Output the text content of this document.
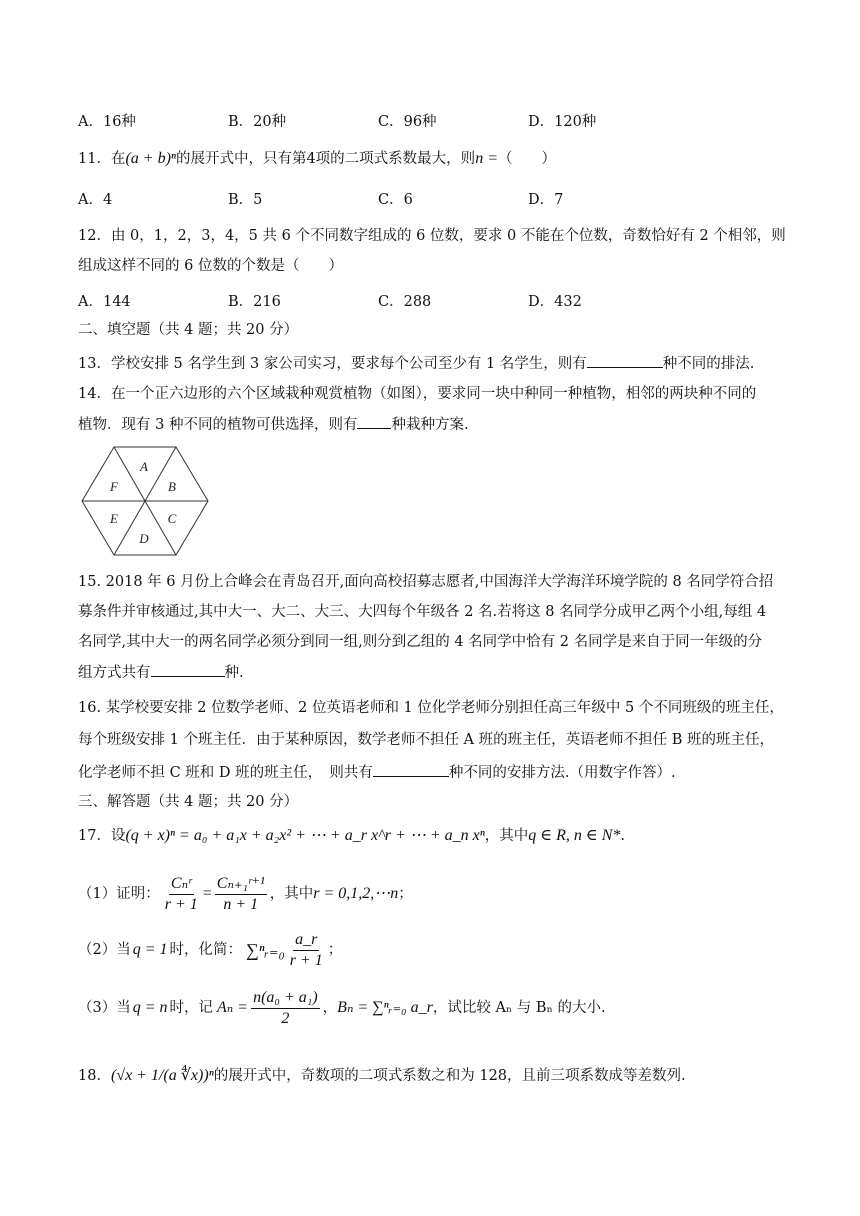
A．16种	B．20种	C．96种	D．120种
11．在(a + b)ⁿ的展开式中，只有第4项的二项式系数最大，则n =（　　）
A．4	B．5	C．6	D．7
12．由 0，1，2，3，4，5 共 6 个不同数字组成的 6 位数，要求 0 不能在个位数，奇数恰好有 2 个相邻，则
组成这样不同的 6 位数的个数是（　　）
A．144	B．216	C．288	D．432
二、填空题（共 4 题；共 20 分）
13．学校安排 5 名学生到 3 家公司实习，要求每个公司至少有 1 名学生，则有	种不同的排法.
14．在一个正六边形的六个区域栽种观赏植物（如图），要求同一块中种同一种植物，相邻的两块种不同的
植物．现有 3 种不同的植物可供选择，则有 种栽种方案.
A
B
C
D
E
F
15. 2018 年 6 月份上合峰会在青岛召开,面向高校招募志愿者,中国海洋大学海洋环境学院的 8 名同学符合招
募条件并审核通过,其中大一、大二、大三、大四每个年级各 2 名.若将这 8 名同学分成甲乙两个小组,每组 4
名同学,其中大一的两名同学必须分到同一组,则分到乙组的 4 名同学中恰有 2 名同学是来自于同一年级的分
组方式共有	种.
16. 某学校要安排 2 位数学老师、2 位英语老师和 1 位化学老师分别担任高三年级中 5 个不同班级的班主任，
每个班级安排 1 个班主任．由于某种原因，数学老师不担任 A 班的班主任，英语老师不担任 B 班的班主任，
化学老师不担 C 班和 D 班的班主任，　则共有	种不同的安排方法.（用数字作答）.
三、解答题（共 4 题；共 20 分）
17．设(q + x)ⁿ = a₀ + a₁x + a₂x² + ⋯ + a_r x^r + ⋯ + a_n xⁿ，其中q ∈ R, n ∈ N*.
（1）证明： $\frac{\text{Cₙʳ}}{r + 1} = \frac{\text{Cₙ₊₁ʳ⁺¹}}{n + 1}$ ，其中 r = 0,1,2,⋯n ；
（2）当 q = 1 时，化简： ∑ⁿᵣ₌₀ $\frac{a\_r}{r + 1}$ ；
（3）当 q = n 时，记 $A_n = \frac{\text{n(a₀ + a₁)}}{2}$ ， Bₙ = ∑ⁿᵣ₌₀ a_r ，试比较 Aₙ 与 Bₙ 的大小.
18． (√x + 1/(a ∜x))ⁿ 的展开式中，奇数项的二项式系数之和为 128，且前三项系数成等差数列.
